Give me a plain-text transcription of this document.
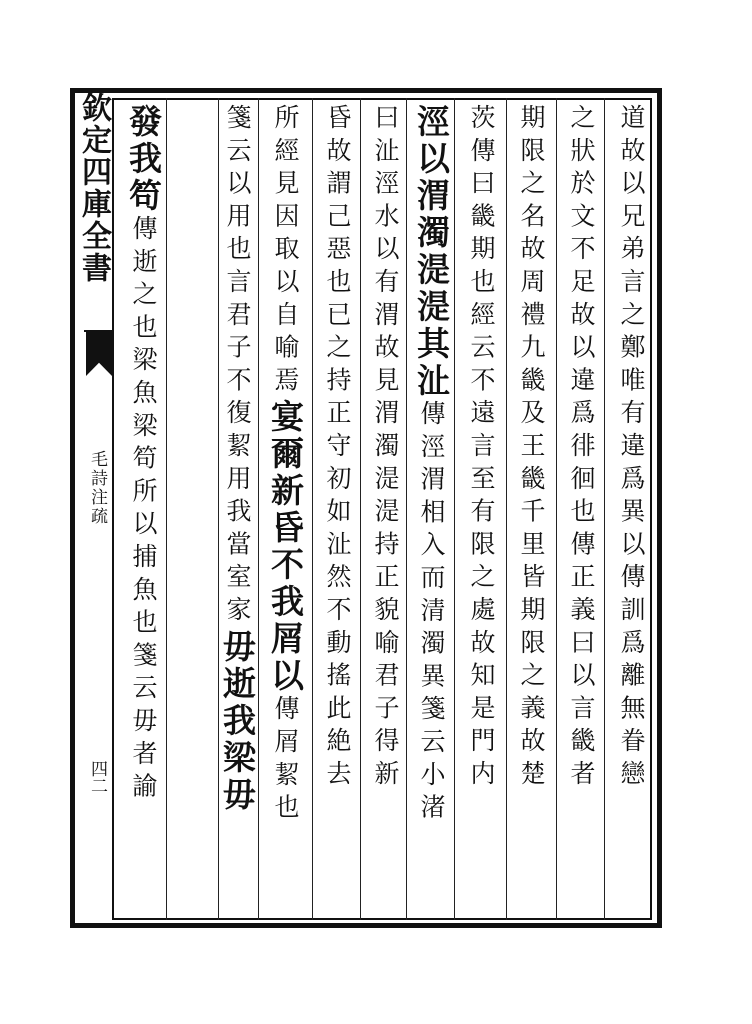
欽定四庫全書
毛詩注疏
四二	道故以兄弟言之鄭唯有違爲異以傳訓爲離無眷戀
之狀於文不足故以違爲徘徊也傳正義曰以言畿者
期限之名故周禮九畿及王畿千里皆期限之義故楚
茨傳曰畿期也經云不遠言至有限之處故知是門内
涇以渭濁湜湜其沚傳涇渭相入而清濁異箋云小渚
曰沚涇水以有渭故見渭濁湜湜持正貌喻君子得新
昏故謂己惡也已之持正守初如沚然不動搖此絶去
所經見因取以自喻焉宴爾新昏不我屑以傳屑絜也
箋云以用也言君子不復絜用我當室家毋逝我梁毋
發我笱傳逝之也梁魚梁笱所以捕魚也箋云毋者諭
